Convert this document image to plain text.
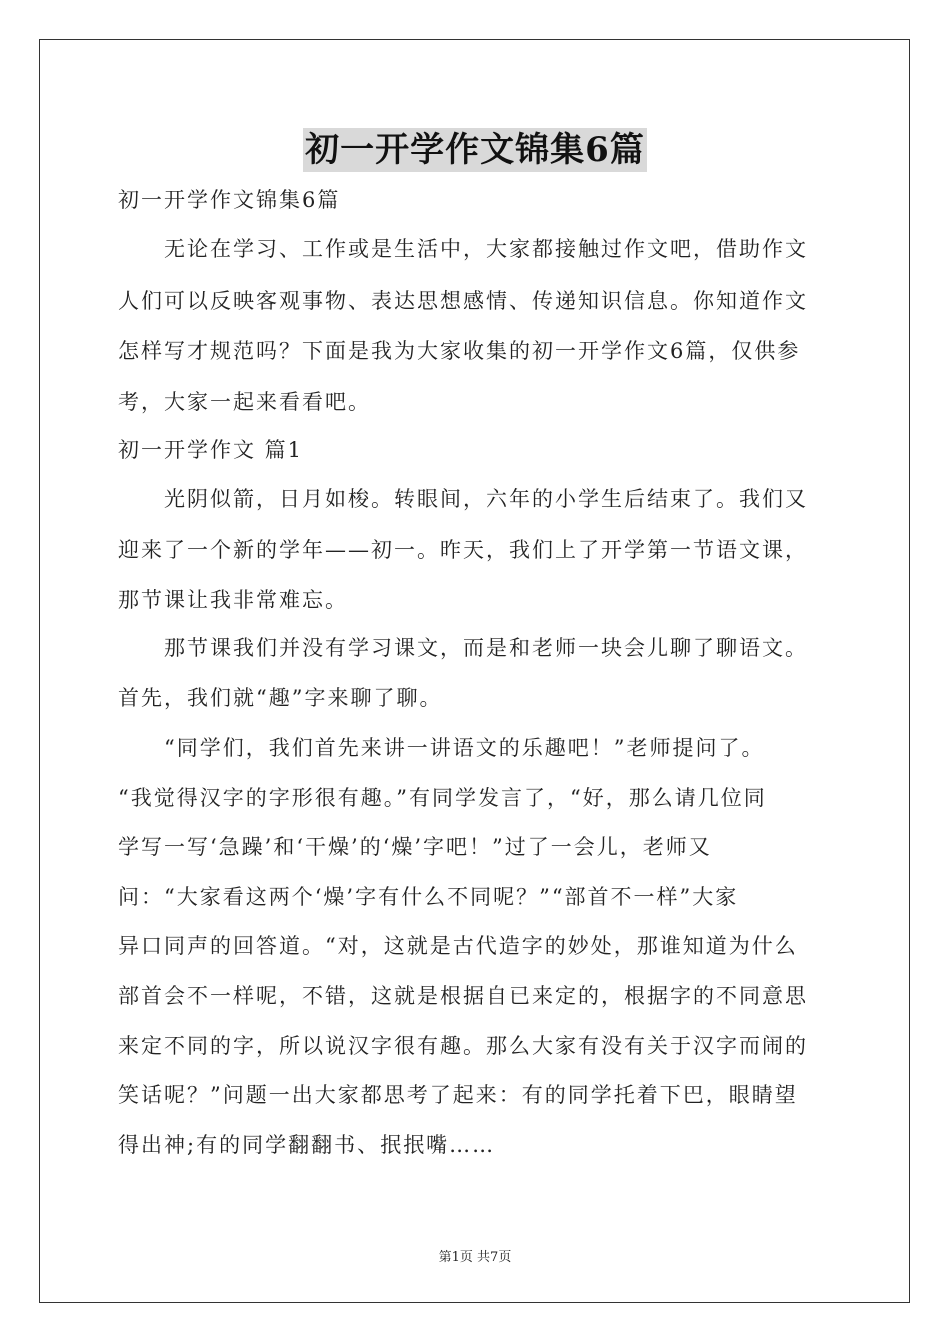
初一开学作文锦集6篇
初一开学作文锦集6篇
无论在学习、工作或是生活中，大家都接触过作文吧，借助作文
人们可以反映客观事物、表达思想感情、传递知识信息。你知道作文
怎样写才规范吗？下面是我为大家收集的初一开学作文6篇，仅供参
考，大家一起来看看吧。
初一开学作文 篇1
光阴似箭，日月如梭。转眼间，六年的小学生后结束了。我们又
迎来了一个新的学年——初一。昨天，我们上了开学第一节语文课，
那节课让我非常难忘。
那节课我们并没有学习课文，而是和老师一块会儿聊了聊语文。
首先，我们就“趣”字来聊了聊。
“同学们，我们首先来讲一讲语文的乐趣吧！”老师提问了。
“我觉得汉字的字形很有趣。”有同学发言了，“好，那么请几位同
学写一写‘急躁’和‘干燥’的‘燥’字吧！”过了一会儿，老师又
问：“大家看这两个‘燥’字有什么不同呢？”“部首不一样”大家
异口同声的回答道。“对，这就是古代造字的妙处，那谁知道为什么
部首会不一样呢，不错，这就是根据自已来定的，根据字的不同意思
来定不同的字，所以说汉字很有趣。那么大家有没有关于汉字而闹的
笑话呢？”问题一出大家都思考了起来：有的同学托着下巴，眼睛望
得出神;有的同学翻翻书、抿抿嘴……
第1页 共7页
